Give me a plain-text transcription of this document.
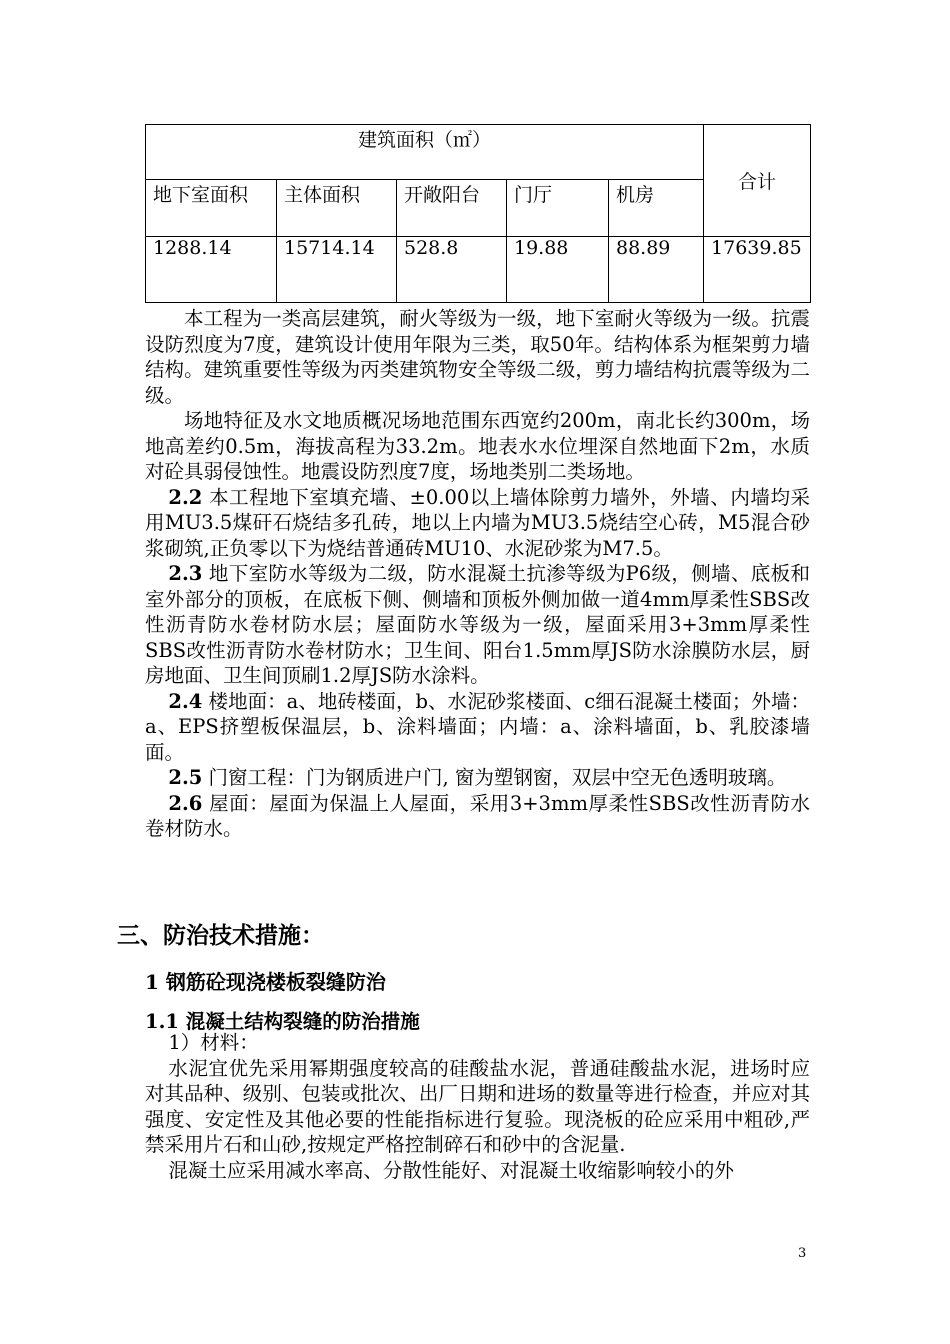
建筑面积（㎡）					合计
地下室面积	主体面积	开敞阳台	门厅	机房	
1288.14	15714.14	528.8	19.88	88.89	17639.85

本工程为一类高层建筑，耐火等级为一级，地下室耐火等级为一级。抗震设防烈度为7度，建筑设计使用年限为三类，取50年。结构体系为框架剪力墙结构。建筑重要性等级为丙类建筑物安全等级二级，剪力墙结构抗震等级为二级。

场地特征及水文地质概况场地范围东西宽约200m，南北长约300m，场地高差约0.5m，海拔高程为33.2m。地表水水位埋深自然地面下2m，水质对砼具弱侵蚀性。地震设防烈度7度，场地类别二类场地。

2.2 本工程地下室填充墙、±0.00以上墙体除剪力墙外，外墙、内墙均采用MU3.5煤矸石烧结多孔砖，地以上内墙为MU3.5烧结空心砖，M5混合砂浆砌筑,正负零以下为烧结普通砖MU10、水泥砂浆为M7.5。

2.3 地下室防水等级为二级，防水混凝土抗渗等级为P6级，侧墙、底板和室外部分的顶板，在底板下侧、侧墙和顶板外侧加做一道4mm厚柔性SBS改性沥青防水卷材防水层；屋面防水等级为一级，屋面采用3+3mm厚柔性SBS改性沥青防水卷材防水；卫生间、阳台1.5mm厚JS防水涂膜防水层，厨房地面、卫生间顶刷1.2厚JS防水涂料。

2.4 楼地面：a、地砖楼面，b、水泥砂浆楼面、c细石混凝土楼面；外墙：a、EPS挤塑板保温层，b、涂料墙面；内墙：a、涂料墙面，b、乳胶漆墙面。

2.5 门窗工程：门为钢质进户门, 窗为塑钢窗，双层中空无色透明玻璃。

2.6 屋面：屋面为保温上人屋面，采用3+3mm厚柔性SBS改性沥青防水卷材防水。

三、防治技术措施：
1 钢筋砼现浇楼板裂缝防治
1.1 混凝土结构裂缝的防治措施

1）材料：

水泥宜优先采用幂期强度较高的硅酸盐水泥，普通硅酸盐水泥，进场时应对其品种、级别、包装或批次、出厂日期和进场的数量等进行检查，并应对其强度、安定性及其他必要的性能指标进行复验。现浇板的砼应采用中粗砂,严禁采用片石和山砂,按规定严格控制碎石和砂中的含泥量.

混凝土应采用减水率高、分散性能好、对混凝土收缩影响较小的外

3
